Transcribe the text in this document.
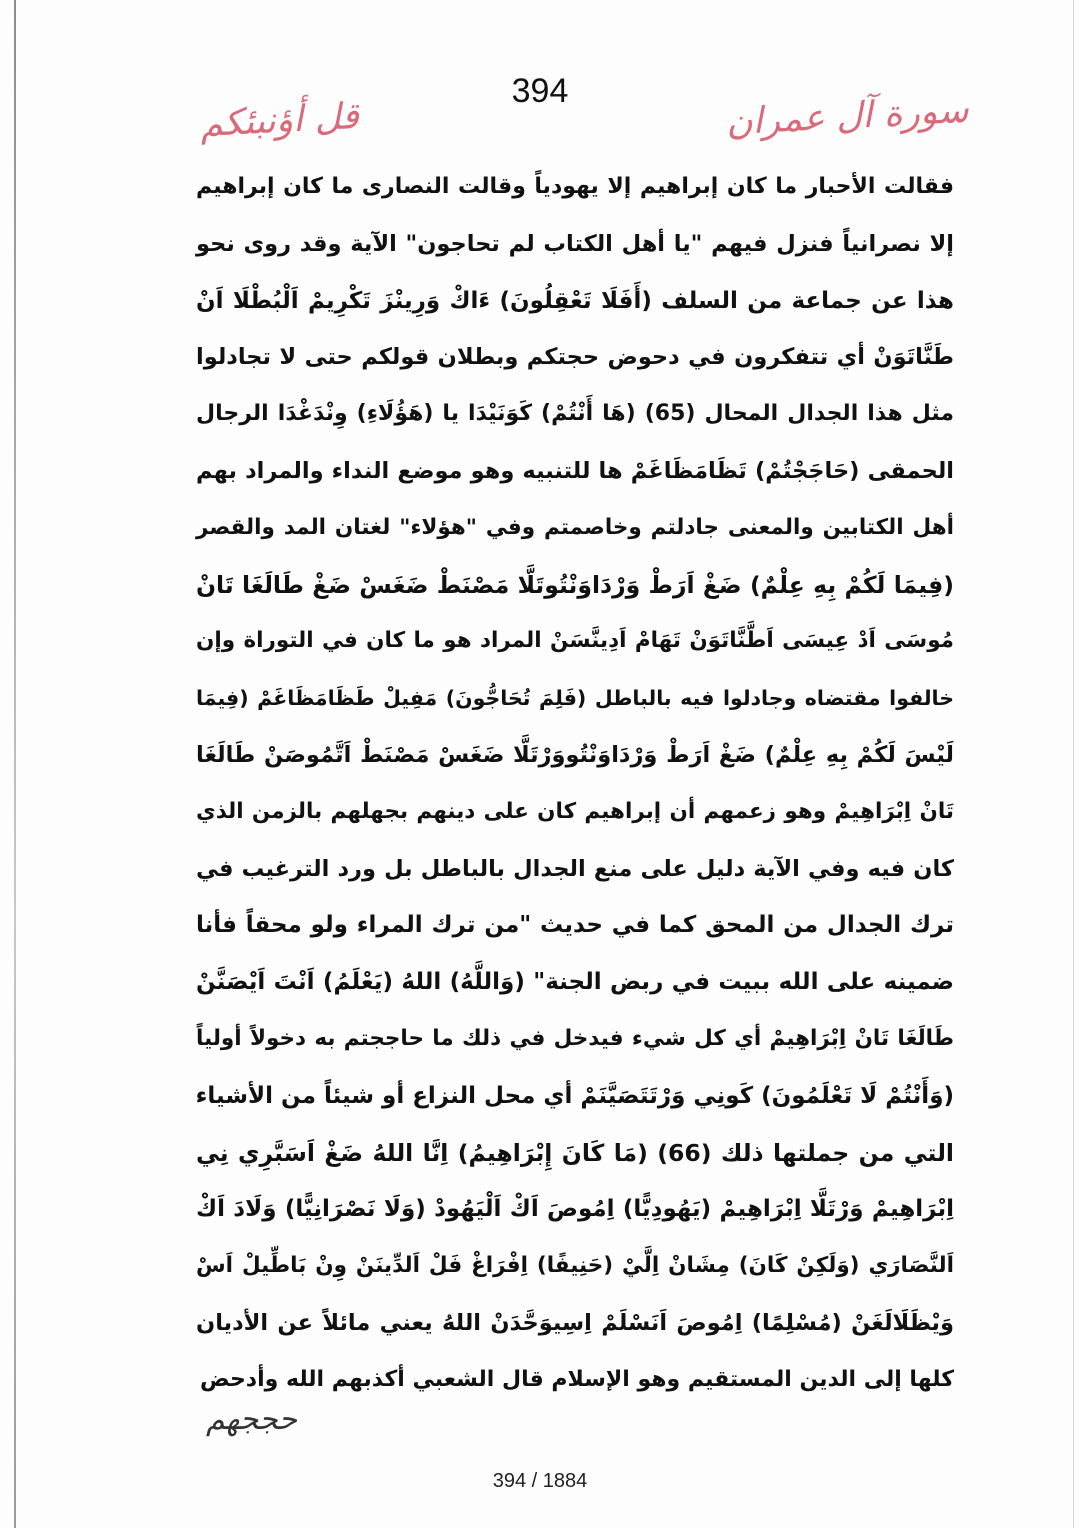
394	سورة آل عمران
قل أؤنبئكم
فقالت الأحبار ما كان إبراهيم إلا يهودياً وقالت النصارى ما كان إبراهيم
إلا نصرانياً فنزل فيهم "يا أهل الكتاب لم تحاجون" الآية وقد روى نحو
هذا عن جماعة من السلف (أَفَلَا تَعْقِلُونَ) ءَاكْ وَرِينْزَ تَكْرِيمْ اَلْبُطْلَا اَنْ
طَنَّاتَوَنْ أي تتفكرون في دحوض حجتكم وبطلان قولكم حتى لا تجادلوا
مثل هذا الجدال المحال (65) (هَا أَنْتُمْ) كَوَنَيْدَا يا (هَؤُلَاءِ) وِنْدَغْدَا الرجال
الحمقى (حَاجَجْتُمْ) تَظَامَظَاغَمْ ها للتنبيه وهو موضع النداء والمراد بهم
أهل الكتابين والمعنى جادلتم وخاصمتم وفي "هؤلاء" لغتان المد والقصر
(فِيمَا لَكُمْ بِهِ عِلْمٌ) ضَغْ اَرَطْ وَرْدَاوَنْتُوتَلَّا مَصْنَطْ ضَغَسْ ضَغْ طَالَغَا تَانْ
مُوسَى اَدْ عِيسَى اَطَّنَّاتَوَنْ تَهَامْ اَدِينَّسَنْ المراد هو ما كان في التوراة وإن
خالفوا مقتضاه وجادلوا فيه بالباطل (فَلِمَ تُحَاجُّونَ) مَفِيلْ طَظَامَظَاغَمْ (فِيمَا
لَيْسَ لَكُمْ بِهِ عِلْمٌ) ضَغْ اَرَطْ وَرْدَاوَنْتُووَرْتَلَّا ضَغَسْ مَصْنَطْ اَتَّمُوصَنْ طَالَغَا
تَانْ اِبْرَاهِيمْ وهو زعمهم أن إبراهيم كان على دينهم بجهلهم بالزمن الذي
كان فيه وفي الآية دليل على منع الجدال بالباطل بل ورد الترغيب في
ترك الجدال من المحق كما في حديث "من ترك المراء ولو محقاً فأنا
ضمينه على الله ببيت في ربض الجنة" (وَاللَّهُ) اللهُ (يَعْلَمُ) اَنْتَ اَيْصَنَّنْ
طَالَغَا تَانْ اِبْرَاهِيمْ أي كل شيء فيدخل في ذلك ما حاججتم به دخولاً أولياً
(وَأَنْتُمْ لَا تَعْلَمُونَ) كَونِي وَرْتَتَصَيَّنَمْ أي محل النزاع أو شيئاً من الأشياء
التي من جملتها ذلك (66) (مَا كَانَ إِبْرَاهِيمُ) اِنَّا اللهُ ضَغْ اَسَبَّرِي نِي
اِبْرَاهِيمْ وَرْتَلَّا اِبْرَاهِيمْ (يَهُودِيًّا) اِمُوصَ اَكْ اَلْيَهُودْ (وَلَا نَصْرَانِيًّا) وَلَادَ اَكْ
اَلنَّصَارَي (وَلَكِنْ كَانَ) مِشَانْ اِلَّيْ (حَنِيفًا) اِفْرَاغْ فَلْ اَلدِّينَنْ وِنْ بَاطِّيلْ اَسْ
وَيْظَلَالَغَنْ (مُسْلِمًا) اِمُوصَ اَنَسْلَمْ اِسِيوَحَّدَنْ اللهُ يعني مائلاً عن الأديان
كلها إلى الدين المستقيم وهو الإسلام قال الشعبي أكذبهم الله وأدحض
حججهم
394 / 1884
